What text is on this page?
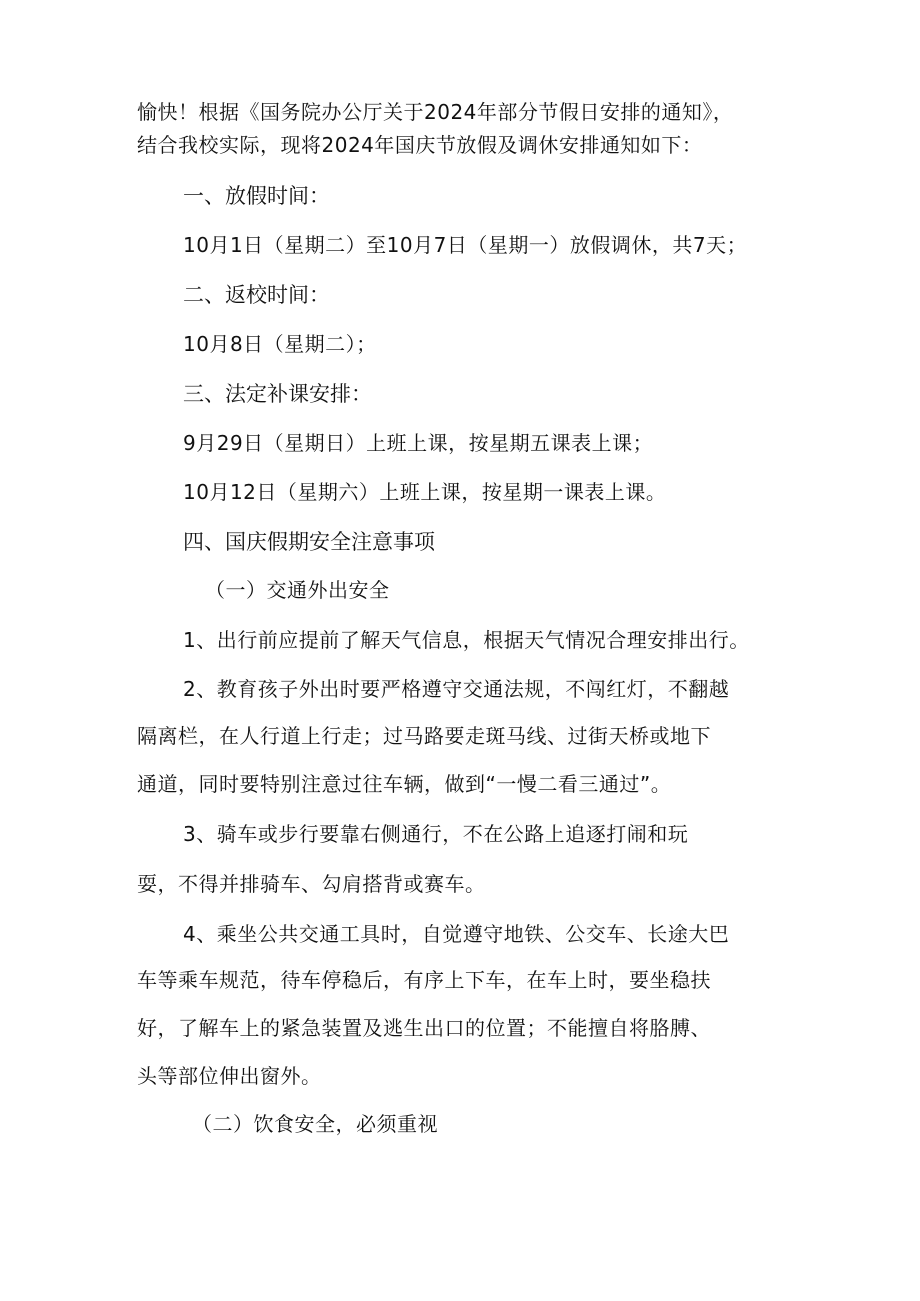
愉快！根据《国务院办公厅关于2024年部分节假日安排的通知》，
结合我校实际，现将2024年国庆节放假及调休安排通知如下：
一、放假时间：
10月1日（星期二）至10月7日（星期一）放假调休，共7天；
二、返校时间：
10月8日（星期二）；
三、法定补课安排：
9月29日（星期日）上班上课，按星期五课表上课；
10月12日（星期六）上班上课，按星期一课表上课。
四、国庆假期安全注意事项
（一）交通外出安全
1、出行前应提前了解天气信息，根据天气情况合理安排出行。
2、教育孩子外出时要严格遵守交通法规，不闯红灯，不翻越
隔离栏，在人行道上行走；过马路要走斑马线、过街天桥或地下
通道，同时要特别注意过往车辆，做到“一慢二看三通过”。
3、骑车或步行要靠右侧通行，不在公路上追逐打闹和玩
耍，不得并排骑车、勾肩搭背或赛车。
4、乘坐公共交通工具时，自觉遵守地铁、公交车、长途大巴
车等乘车规范，待车停稳后，有序上下车，在车上时，要坐稳扶
好，了解车上的紧急装置及逃生出口的位置；不能擅自将胳膊、
头等部位伸出窗外。
（二）饮食安全，必须重视
